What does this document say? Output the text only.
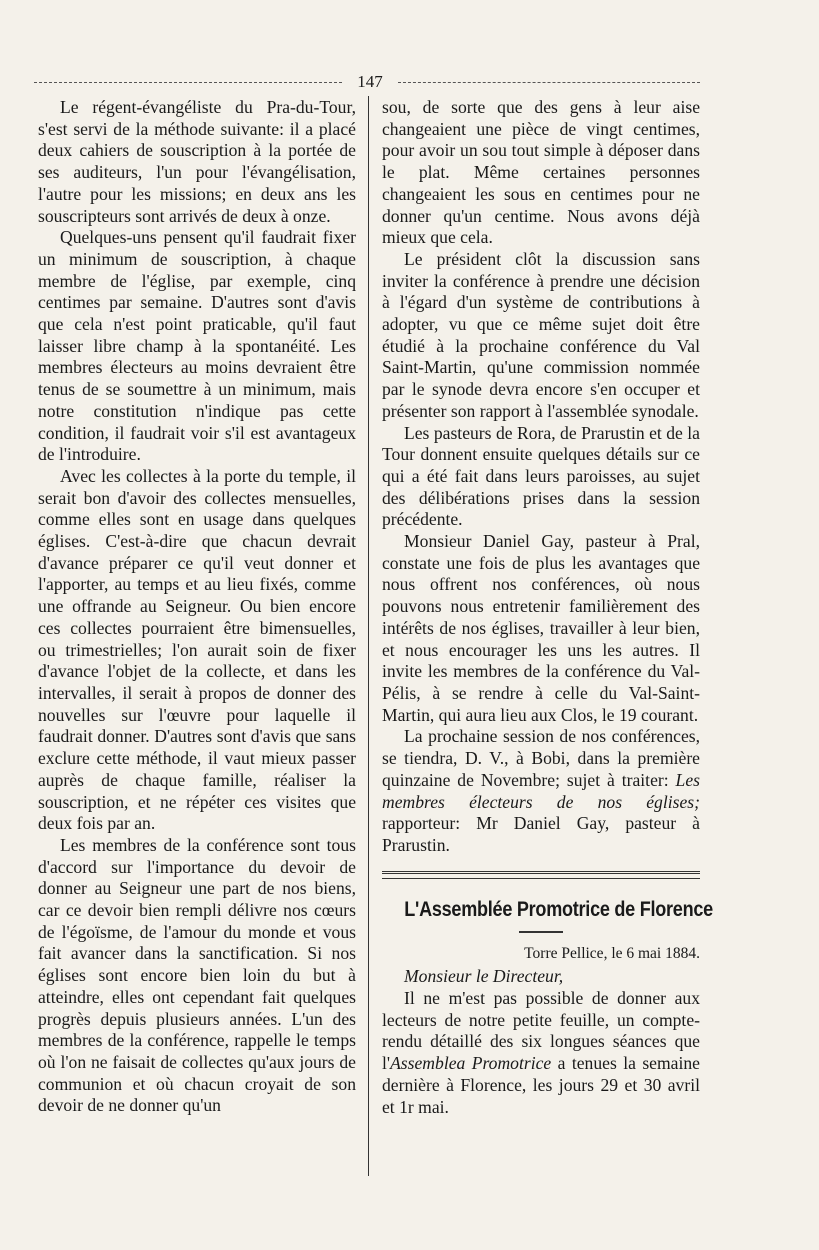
147

Le régent-évangéliste du Pra-du-Tour, s'est servi de la méthode suivante: il a placé deux cahiers de souscription à la portée de ses auditeurs, l'un pour l'évangélisation, l'autre pour les missions; en deux ans les souscripteurs sont arrivés de deux à onze.

Quelques-uns pensent qu'il faudrait fixer un minimum de souscription, à chaque membre de l'église, par exemple, cinq centimes par semaine. D'autres sont d'avis que cela n'est point praticable, qu'il faut laisser libre champ à la spontanéité. Les membres électeurs au moins devraient être tenus de se soumettre à un minimum, mais notre constitution n'indique pas cette condition, il faudrait voir s'il est avantageux de l'introduire.

Avec les collectes à la porte du temple, il serait bon d'avoir des collectes mensuelles, comme elles sont en usage dans quelques églises. C'est-à-dire que chacun devrait d'avance préparer ce qu'il veut donner et l'apporter, au temps et au lieu fixés, comme une offrande au Seigneur. Ou bien encore ces collectes pourraient être bimensuelles, ou trimestrielles; l'on aurait soin de fixer d'avance l'objet de la collecte, et dans les intervalles, il serait à propos de donner des nouvelles sur l'œuvre pour laquelle il faudrait donner. D'autres sont d'avis que sans exclure cette méthode, il vaut mieux passer auprès de chaque famille, réaliser la souscription, et ne répéter ces visites que deux fois par an.

Les membres de la conférence sont tous d'accord sur l'importance du devoir de donner au Seigneur une part de nos biens, car ce devoir bien rempli délivre nos cœurs de l'égoïsme, de l'amour du monde et vous fait avancer dans la sanctification. Si nos églises sont encore bien loin du but à atteindre, elles ont cependant fait quelques progrès depuis plusieurs années. L'un des membres de la conférence, rappelle le temps où l'on ne faisait de collectes qu'aux jours de communion et où chacun croyait de son devoir de ne donner qu'un

sou, de sorte que des gens à leur aise changeaient une pièce de vingt centimes, pour avoir un sou tout simple à déposer dans le plat. Même certaines personnes changeaient les sous en centimes pour ne donner qu'un centime. Nous avons déjà mieux que cela.

Le président clôt la discussion sans inviter la conférence à prendre une décision à l'égard d'un système de contributions à adopter, vu que ce même sujet doit être étudié à la prochaine conférence du Val Saint-Martin, qu'une commission nommée par le synode devra encore s'en occuper et présenter son rapport à l'assemblée synodale.

Les pasteurs de Rora, de Prarustin et de la Tour donnent ensuite quelques détails sur ce qui a été fait dans leurs paroisses, au sujet des délibérations prises dans la session précédente.

Monsieur Daniel Gay, pasteur à Pral, constate une fois de plus les avantages que nous offrent nos conférences, où nous pouvons nous entretenir familièrement des intérêts de nos églises, travailler à leur bien, et nous encourager les uns les autres. Il invite les membres de la conférence du Val-Pélis, à se rendre à celle du Val-Saint-Martin, qui aura lieu aux Clos, le 19 courant.

La prochaine session de nos conférences, se tiendra, D. V., à Bobi, dans la première quinzaine de Novembre; sujet à traiter: Les membres électeurs de nos églises; rapporteur: Mr Daniel Gay, pasteur à Prarustin.

L'Assemblée Promotrice de Florence

Torre Pellice, le 6 mai 1884.

Monsieur le Directeur,

Il ne m'est pas possible de donner aux lecteurs de notre petite feuille, un compte-rendu détaillé des six longues séances que l'Assemblea Promotrice a tenues la semaine dernière à Florence, les jours 29 et 30 avril et 1r mai.
